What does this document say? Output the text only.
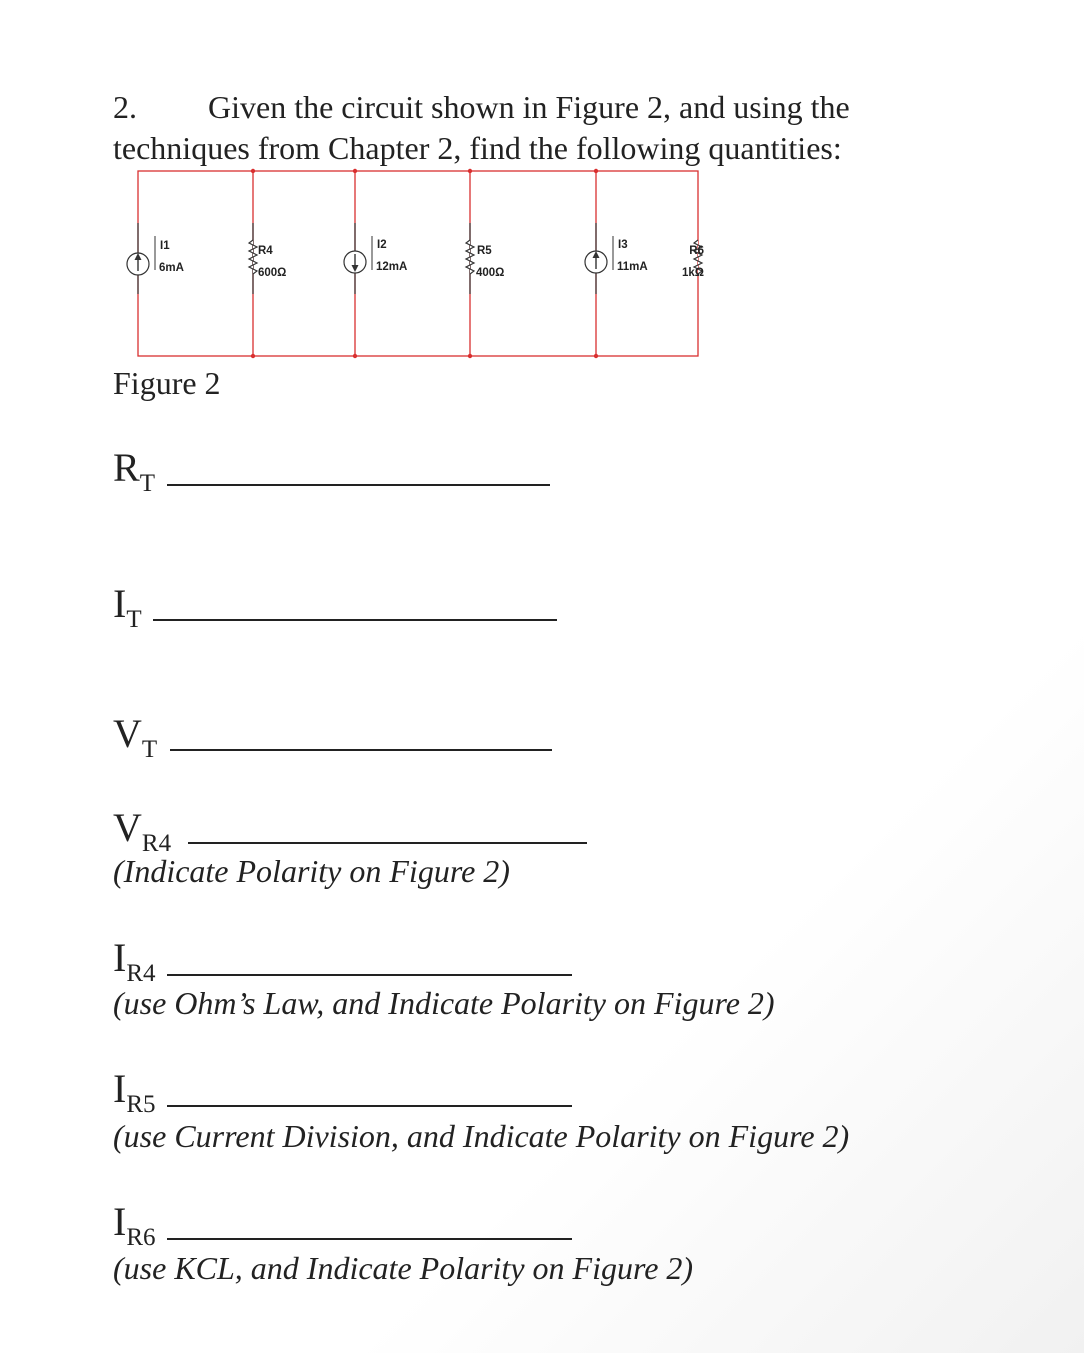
2. Given the circuit shown in Figure 2, and using the
techniques from Chapter 2, find the following quantities:
I1
6mA
R4
600Ω
I2
12mA
R5
400Ω
I3
11mA
R6
1kΩ
Figure 2
RT
IT
VT
VR4
(Indicate Polarity on Figure 2)
IR4
(use Ohm’s Law, and Indicate Polarity on Figure 2)
IR5
(use Current Division, and Indicate Polarity on Figure 2)
IR6
(use KCL, and Indicate Polarity on Figure 2)
